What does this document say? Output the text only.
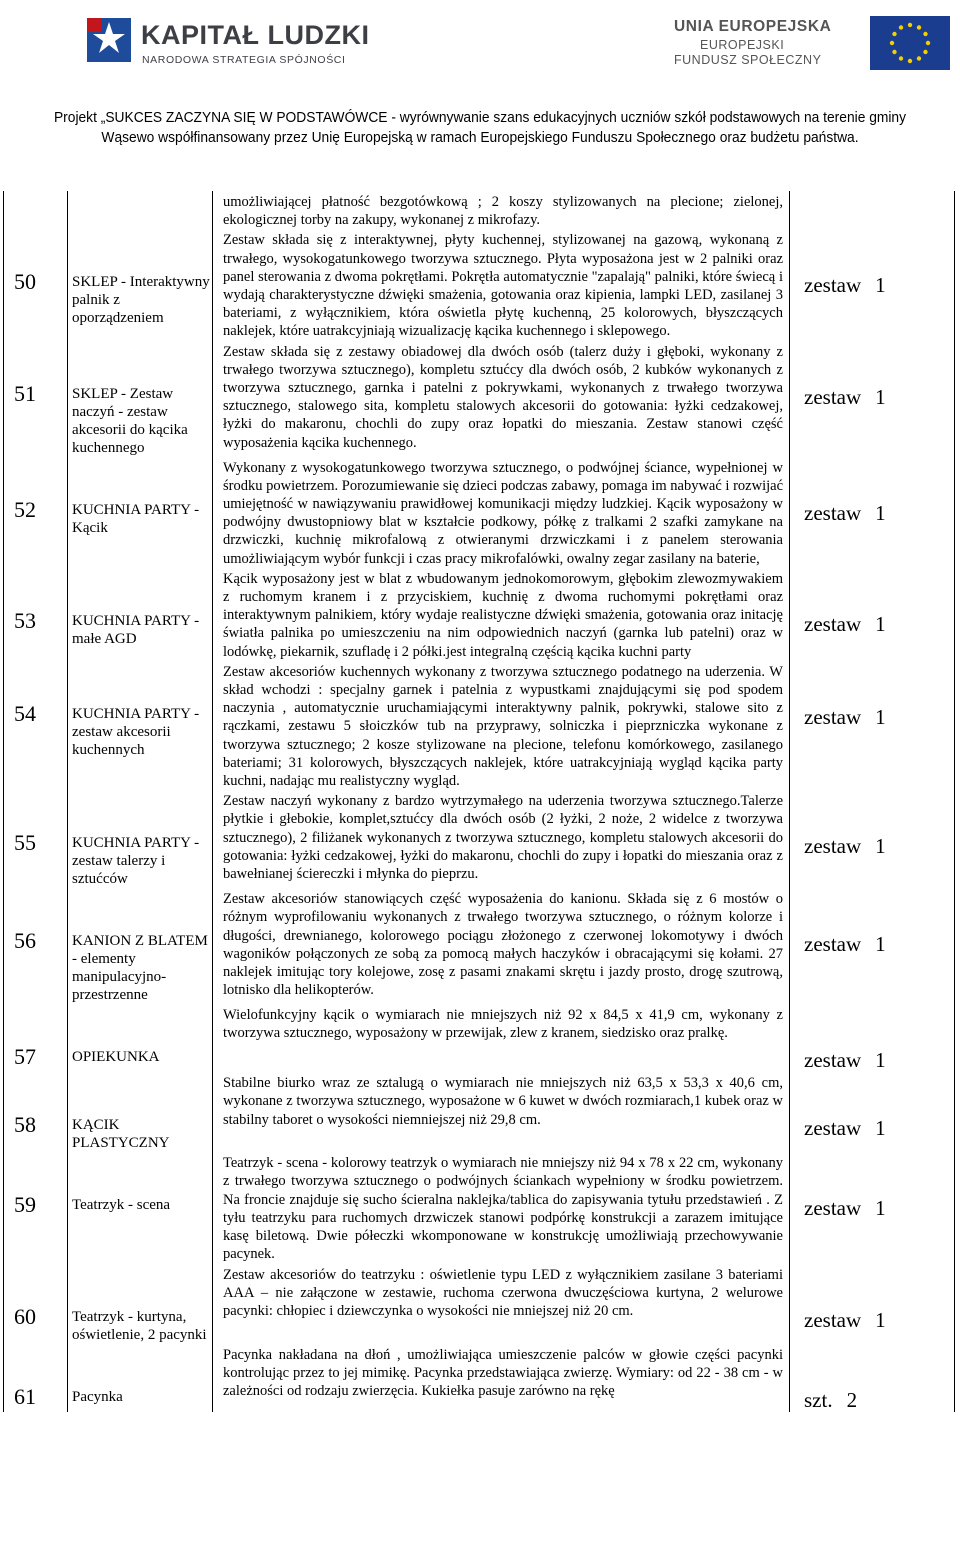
KAPITAŁ LUDZKI
NARODOWA STRATEGIA SPÓJNOŚCI
UNIA EUROPEJSKA
EUROPEJSKI
FUNDUSZ SPOŁECZNY
Projekt „SUKCES ZACZYNA SIĘ W PODSTAWÓWCE - wyrównywanie szans edukacyjnych uczniów szkół podstawowych na terenie gminy
Wąsewo współfinansowany przez Unię Europejską w ramach Europejskiego Funduszu Społecznego oraz budżetu państwa.
		umożliwiającej płatność bezgotówkową ; 2 koszy stylizowanych na plecione; zielonej, ekologicznej torby na zakupy, wykonanej z mikrofazy.	
50	SKLEP - Interaktywny palnik z oporządzeniem	Zestaw składa się z interaktywnej, płyty kuchennej, stylizowanej na gazową, wykonaną z trwałego, wysokogatunkowego tworzywa sztucznego. Płyta wyposażona jest w 2 palniki oraz panel sterowania z dwoma pokrętłami. Pokrętła automatycznie "zapalają" palniki, które świecą i wydają charakterystyczne dźwięki smażenia, gotowania oraz kipienia, lampki LED, zasilanej 3 bateriami, z wyłącznikiem, która oświetla płytę kuchenną, 25 kolorowych, błyszczących naklejek, które uatrakcyjniają wizualizację kącika kuchennego i sklepowego.	zestaw 1
51	SKLEP - Zestaw naczyń - zestaw akcesorii do kącika kuchennego	Zestaw składa się z zestawy obiadowej dla dwóch osób (talerz duży i głęboki, wykonany z trwałego tworzywa sztucznego), kompletu sztućcy dla dwóch osób, 2 kubków wykonanych z tworzywa sztucznego, garnka i patelni z pokrywkami, wykonanych z trwałego tworzywa sztucznego, stalowego sita, kompletu stalowych akcesorii do gotowania: łyżki cedzakowej, łyżki do makaronu, chochli do zupy oraz łopatki do mieszania. Zestaw stanowi część wyposażenia kącika kuchennego.	zestaw 1
52	KUCHNIA PARTY - Kącik	Wykonany z wysokogatunkowego tworzywa sztucznego, o podwójnej ściance, wypełnionej w środku powietrzem. Porozumiewanie się dzieci podczas zabawy, pomaga im nabywać i rozwijać umiejętność w nawiązywaniu prawidłowej komunikacji między ludzkiej. Kącik wyposażony w podwójny dwustopniowy blat w kształcie podkowy, półkę z tralkami 2 szafki zamykane na drzwiczki, kuchnię mikrofalową z otwieranymi drzwiczkami i z panelem sterowania umożliwiającym wybór funkcji i czas pracy mikrofalówki, owalny zegar zasilany na baterie,	zestaw 1
53	KUCHNIA PARTY - małe AGD	Kącik wyposażony jest w blat z wbudowanym jednokomorowym, głębokim zlewozmywakiem z ruchomym kranem i z przyciskiem, kuchnię z dwoma ruchomymi pokrętłami oraz interaktywnym palnikiem, który wydaje realistyczne dźwięki smażenia, gotowania oraz initację światła palnika po umieszczeniu na nim odpowiednich naczyń (garnka lub patelni) oraz w lodówkę, piekarnik, szufladę i 2 półki.jest integralną częścią kącika kuchni party	zestaw 1
54	KUCHNIA PARTY - zestaw akcesorii kuchennych	Zestaw akcesoriów kuchennych wykonany z tworzywa sztucznego podatnego na uderzenia. W skład wchodzi : specjalny garnek i patelnia z wypustkami znajdującymi się pod spodem naczynia , automatycznie uruchamiającymi interaktywny palnik, pokrywki, stalowe sito z rączkami, zestawu 5 słoiczków tub na przyprawy, solniczka i pieprzniczka wykonane z tworzywa sztucznego; 2 kosze stylizowane na plecione, telefonu komórkowego, zasilanego bateriami; 31 kolorowych, błyszczących naklejek, które uatrakcyjniają wygląd kącika party kuchni, nadając mu realistyczny wygląd.	zestaw 1
55	KUCHNIA PARTY - zestaw talerzy i sztućców	Zestaw naczyń wykonany z bardzo wytrzymałego na uderzenia tworzywa sztucznego.Talerze płytkie i głebokie, komplet,sztućcy dla dwóch osób (2 łyżki, 2 noże, 2 widelce z tworzywa sztucznego), 2 filiżanek wykonanych z tworzywa sztucznego, kompletu stalowych akcesorii do gotowania: łyżki cedzakowej, łyżki do makaronu, chochli do zupy i łopatki do mieszania oraz z bawełnianej ściereczki i młynka do pieprzu.	zestaw 1
56	KANION Z BLATEM - elementy manipulacyjno-przestrzenne	Zestaw akcesoriów stanowiących część wyposażenia do kanionu. Składa się z 6 mostów o różnym wyprofilowaniu wykonanych z trwałego tworzywa sztucznego, o różnym kolorze i długości, drewnianego, kolorowego pociągu złożonego z czerwonej lokomotywy i dwóch wagoników połączonych ze sobą za pomocą małych haczyków i obracającymi się kołami. 27 naklejek imitując tory kolejowe, zosę z pasami znakami skrętu i jazdy prosto, drogę szutrową, lotnisko dla helikopterów.	zestaw 1
57	OPIEKUNKA	Wielofunkcyjny kącik o wymiarach nie mniejszych niż 92 x 84,5 x 41,9 cm, wykonany z tworzywa sztucznego, wyposażony w przewijak, zlew z kranem, siedzisko oraz pralkę.	zestaw 1
58	KĄCIK PLASTYCZNY	Stabilne biurko wraz ze sztalugą o wymiarach nie mniejszych niż 63,5 x 53,3 x 40,6 cm, wykonane z tworzywa sztucznego, wyposażone w 6 kuwet w dwóch rozmiarach,1 kubek oraz w stabilny taboret o wysokości niemniejszej niż 29,8 cm.	zestaw 1
59	Teatrzyk - scena	Teatrzyk - scena - kolorowy teatrzyk o wymiarach nie mniejszy niż 94 x 78 x 22 cm, wykonany z trwałego tworzywa sztucznego o podwójnych ściankach wypełniony w środku powietrzem. Na froncie znajduje się sucho ścieralna naklejka/tablica do zapisywania tytułu przedstawień . Z tyłu teatrzyku para ruchomych drzwiczek stanowi podpórkę konstrukcji a zarazem imitujące kasę biletową. Dwie półeczki wkomponowane w konstrukcję umożliwiają przechowywanie pacynek.	zestaw 1
60	Teatrzyk - kurtyna, oświetlenie, 2 pacynki	Zestaw akcesoriów do teatrzyku : oświetlenie typu LED z wyłącznikiem zasilane 3 bateriami AAA – nie załączone w zestawie, ruchoma czerwona dwuczęściowa kurtyna, 2 welurowe pacynki: chłopiec i dziewczynka o wysokości nie mniejszej niż 20 cm.	zestaw 1
61	Pacynka	Pacynka nakładana na dłoń , umożliwiająca umieszczenie palców w głowie części pacynki kontrolując przez to jej mimikę. Pacynka przedstawiająca zwierzę. Wymiary: od 22 - 38 cm - w zależności od rodzaju zwierzęcia. Kukiełka pasuje zarówno na rękę	szt. 2
